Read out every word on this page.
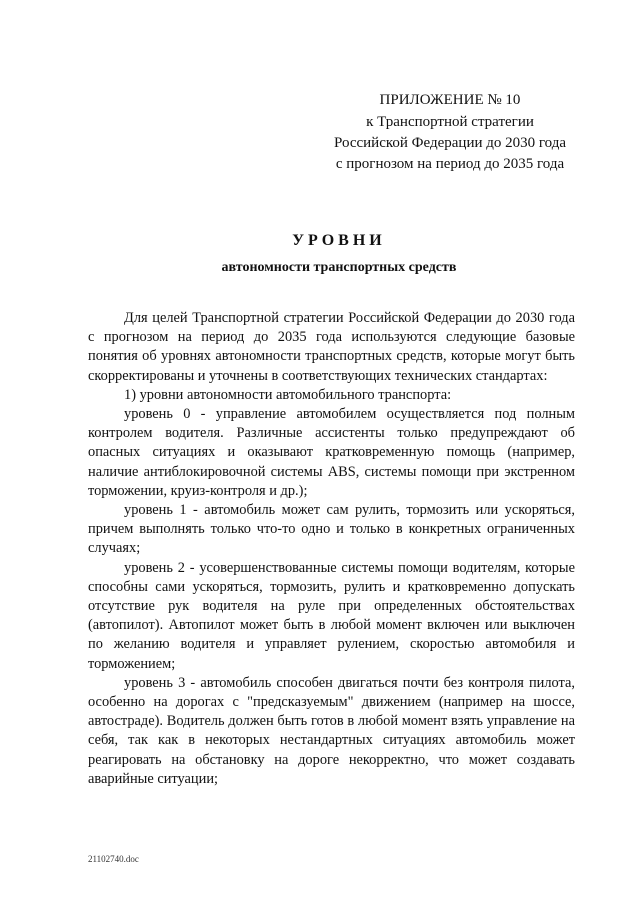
ПРИЛОЖЕНИЕ № 10
к Транспортной стратегии
Российской Федерации до 2030 года
с прогнозом на период до 2035 года
УРОВНИ
автономности транспортных средств

Для целей Транспортной стратегии Российской Федерации до 2030 года с прогнозом на период до 2035 года используются следующие базовые понятия об уровнях автономности транспортных средств, которые могут быть скорректированы и уточнены в соответствующих технических стандартах:

1) уровни автономности автомобильного транспорта:

уровень 0 - управление автомобилем осуществляется под полным контролем водителя. Различные ассистенты только предупреждают об опасных ситуациях и оказывают кратковременную помощь (например, наличие антиблокировочной системы ABS, системы помощи при экстренном торможении, круиз-контроля и др.);

уровень 1 - автомобиль может сам рулить, тормозить или ускоряться, причем выполнять только что-то одно и только в конкретных ограниченных случаях;

уровень 2 - усовершенствованные системы помощи водителям, которые способны сами ускоряться, тормозить, рулить и кратковременно допускать отсутствие рук водителя на руле при определенных обстоятельствах (автопилот). Автопилот может быть в любой момент включен или выключен по желанию водителя и управляет рулением, скоростью автомобиля и торможением;

уровень 3 - автомобиль способен двигаться почти без контроля пилота, особенно на дорогах с "предсказуемым" движением (например на шоссе, автостраде). Водитель должен быть готов в любой момент взять управление на себя, так как в некоторых нестандартных ситуациях автомобиль может реагировать на обстановку на дороге некорректно, что может создавать аварийные ситуации;

21102740.doc
